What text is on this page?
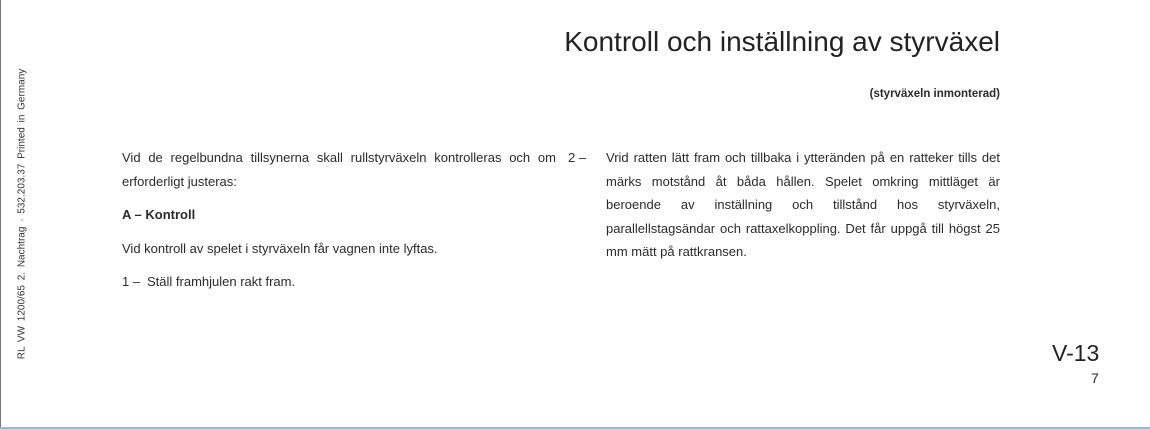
RL VW 1200/65 2. Nachtrag · 532.203.37 Printed in Germany
Kontroll och inställning av styrväxel
(styrväxeln inmonterad)
Vid de regelbundna tillsynerna skall rullstyrväxeln kontrolleras och om erforderligt justeras:
A – Kontroll
Vid kontroll av spelet i styrväxeln får vagnen inte lyftas.
1 – Ställ framhjulen rakt fram.
2 –	Vrid ratten lätt fram och tillbaka i ytteränden på en ratteker tills det märks motstånd åt båda hållen. Spelet omkring mittläget är beroende av inställning och tillstånd hos styrväxeln, parallellstagsändar och rattaxelkoppling. Det får uppgå till högst 25 mm mätt på rattkransen.
V-13
7
